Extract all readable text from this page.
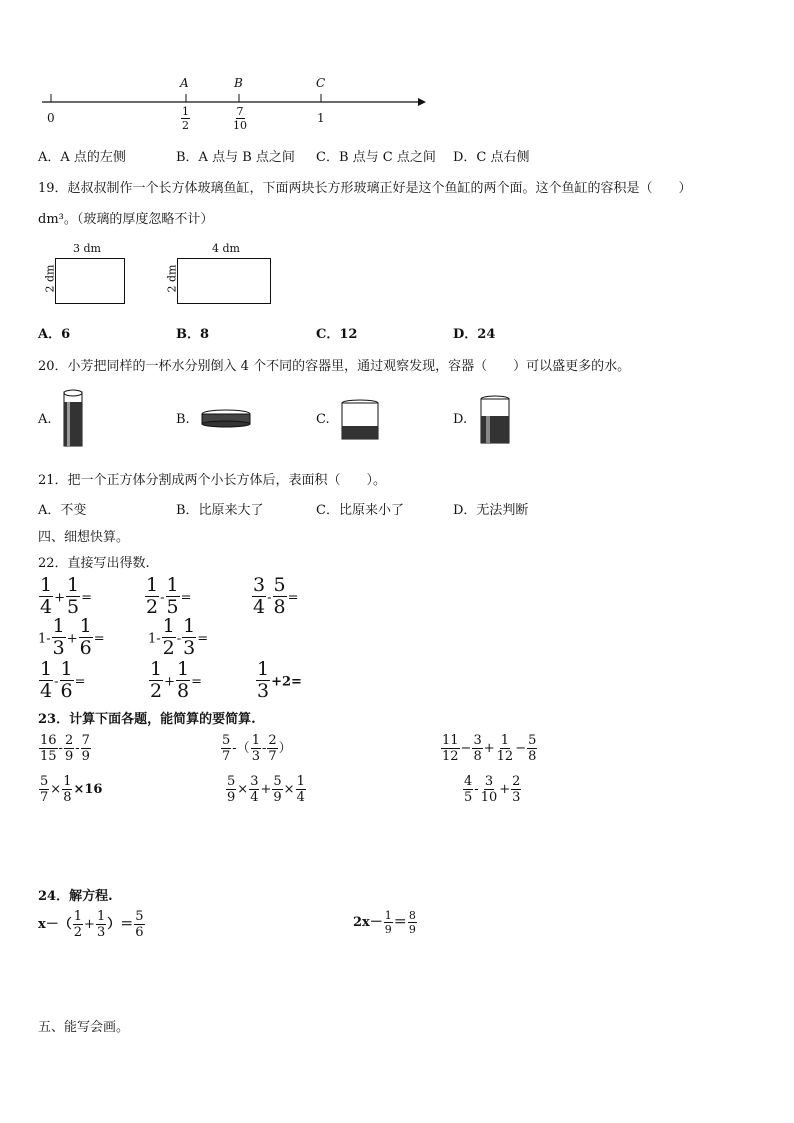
A	B	C
0	$\frac{1}{2}$	$\frac{7}{10}$	1
A．A 点的左侧	B．A 点与 B 点之间 C．B 点与 C 点之间 D．C 点右侧
19．赵叔叔制作一个长方体玻璃鱼缸，下面两块长方形玻璃正好是这个鱼缸的两个面。这个鱼缸的容积是（　　）
dm³。（玻璃的厚度忽略不计）
3 dm
2 dm
4 dm
2 dm
A．6	B．8	C．12	D．24
20．小芳把同样的一杯水分别倒入 4 个不同的容器里，通过观察发现，容器（　　）可以盛更多的水。
A.	B.	C.	D.
21．把一个正方体分割成两个小长方体后，表面积（　　）。
A．不变	B．比原来大了	C．比原来小了	D．无法判断
四、细想快算。
22．直接写出得数.
$\frac{1}{4} + \frac{1}{5}$ =	$\frac{1}{2} - \frac{1}{5}$ =	$\frac{3}{4} - \frac{5}{8}$ =
$1- \frac{1}{3} + \frac{1}{6}$ =	$1- \frac{1}{2} - \frac{1}{3}$ =
$\frac{1}{4} - \frac{1}{6}$ =	$\frac{1}{2} + \frac{1}{8}$ =	$\frac{1}{3} +2=$
23．计算下面各题，能简算的要简算.
$\frac{16}{15} - \frac{2}{9} - \frac{7}{9}$	$\frac{5}{7}$ -（ $\frac{1}{3} - \frac{2}{7}$ ）	$\frac{11}{12} - \frac{3}{8} + \frac{1}{12} - \frac{5}{8}$
$\frac{5}{7} \times \frac{1}{8} \times 16$	$\frac{5}{9} \times \frac{3}{4} + \frac{5}{9} \times \frac{1}{4}$	$\frac{4}{5} - \frac{3}{10} + \frac{2}{3}$
24．解方程.
$x-( \frac{1}{2} + \frac{1}{3}$ ）＝ $\frac{5}{6}$	$2x- \frac{1}{9} = \frac{8}{9}$
五、能写会画。
